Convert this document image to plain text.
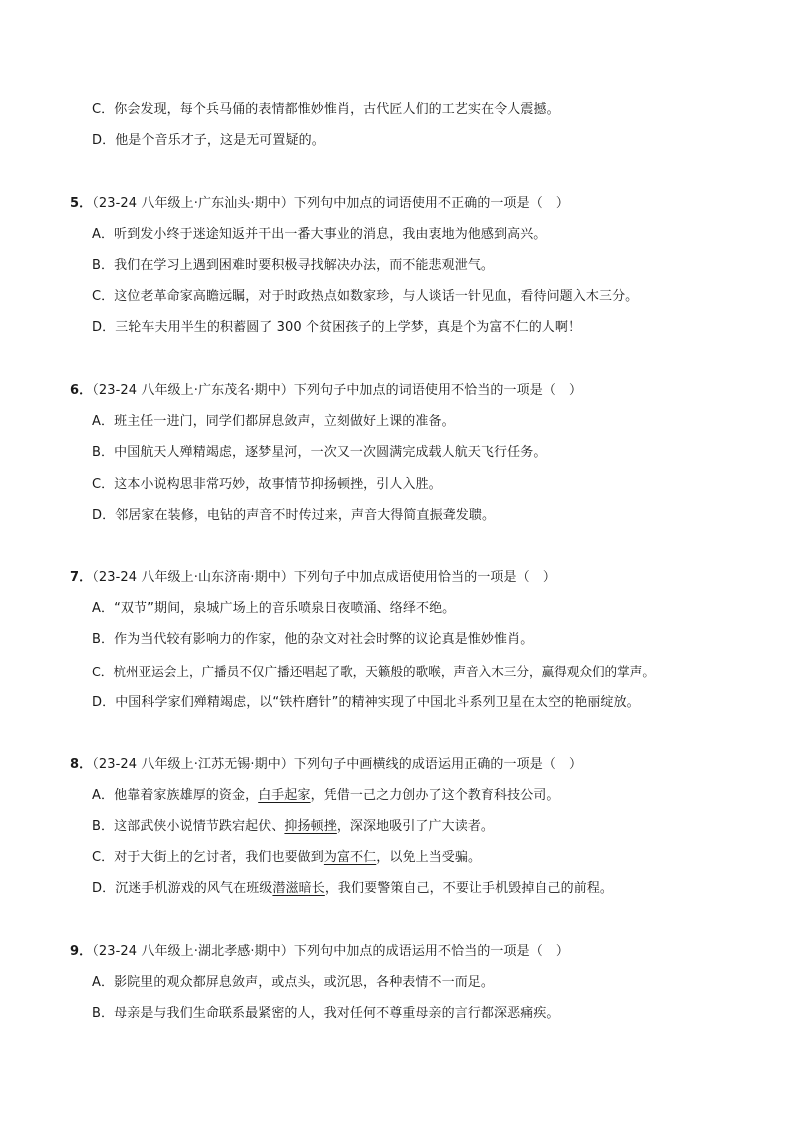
C．你会发现，每个兵马俑的表情都惟妙惟肖，古代匠人们的工艺实在令人震撼。
D．他是个音乐才子，这是无可置疑的。
5．（23-24 八年级上·广东汕头·期中）下列句中加点的词语使用不正确的一项是（　）
A．听到发小终于迷途知返并干出一番大事业的消息，我由衷地为他感到高兴。
B．我们在学习上遇到困难时要积极寻找解决办法，而不能悲观泄气。
C．这位老革命家高瞻远瞩，对于时政热点如数家珍，与人谈话一针见血，看待问题入木三分。
D．三轮车夫用半生的积蓄圆了 300 个贫困孩子的上学梦，真是个为富不仁的人啊！
6．（23-24 八年级上·广东茂名·期中）下列句子中加点的词语使用不恰当的一项是（　）
A．班主任一进门，同学们都屏息敛声，立刻做好上课的准备。
B．中国航天人殚精竭虑，逐梦星河，一次又一次圆满完成载人航天飞行任务。
C．这本小说构思非常巧妙，故事情节抑扬顿挫，引人入胜。
D．邻居家在装修，电钻的声音不时传过来，声音大得简直振聋发聩。
7．（23-24 八年级上·山东济南·期中）下列句子中加点成语使用恰当的一项是（　）
A．“双节”期间，泉城广场上的音乐喷泉日夜喷涌、络绎不绝。
B．作为当代较有影响力的作家，他的杂文对社会时弊的议论真是惟妙惟肖。
C．杭州亚运会上，广播员不仅广播还唱起了歌，天籁般的歌喉，声音入木三分，赢得观众们的掌声。
D．中国科学家们殚精竭虑，以“铁杵磨针”的精神实现了中国北斗系列卫星在太空的艳丽绽放。
8．（23-24 八年级上·江苏无锡·期中）下列句子中画横线的成语运用正确的一项是（　）
A．他靠着家族雄厚的资金，白手起家，凭借一己之力创办了这个教育科技公司。
B．这部武侠小说情节跌宕起伏、抑扬顿挫，深深地吸引了广大读者。
C．对于大街上的乞讨者，我们也要做到为富不仁，以免上当受骗。
D．沉迷手机游戏的风气在班级潜滋暗长，我们要警策自己，不要让手机毁掉自己的前程。
9．（23-24 八年级上·湖北孝感·期中）下列句中加点的成语运用不恰当的一项是（　）
A．影院里的观众都屏息敛声，或点头，或沉思，各种表情不一而足。
B．母亲是与我们生命联系最紧密的人，我对任何不尊重母亲的言行都深恶痛疾。
